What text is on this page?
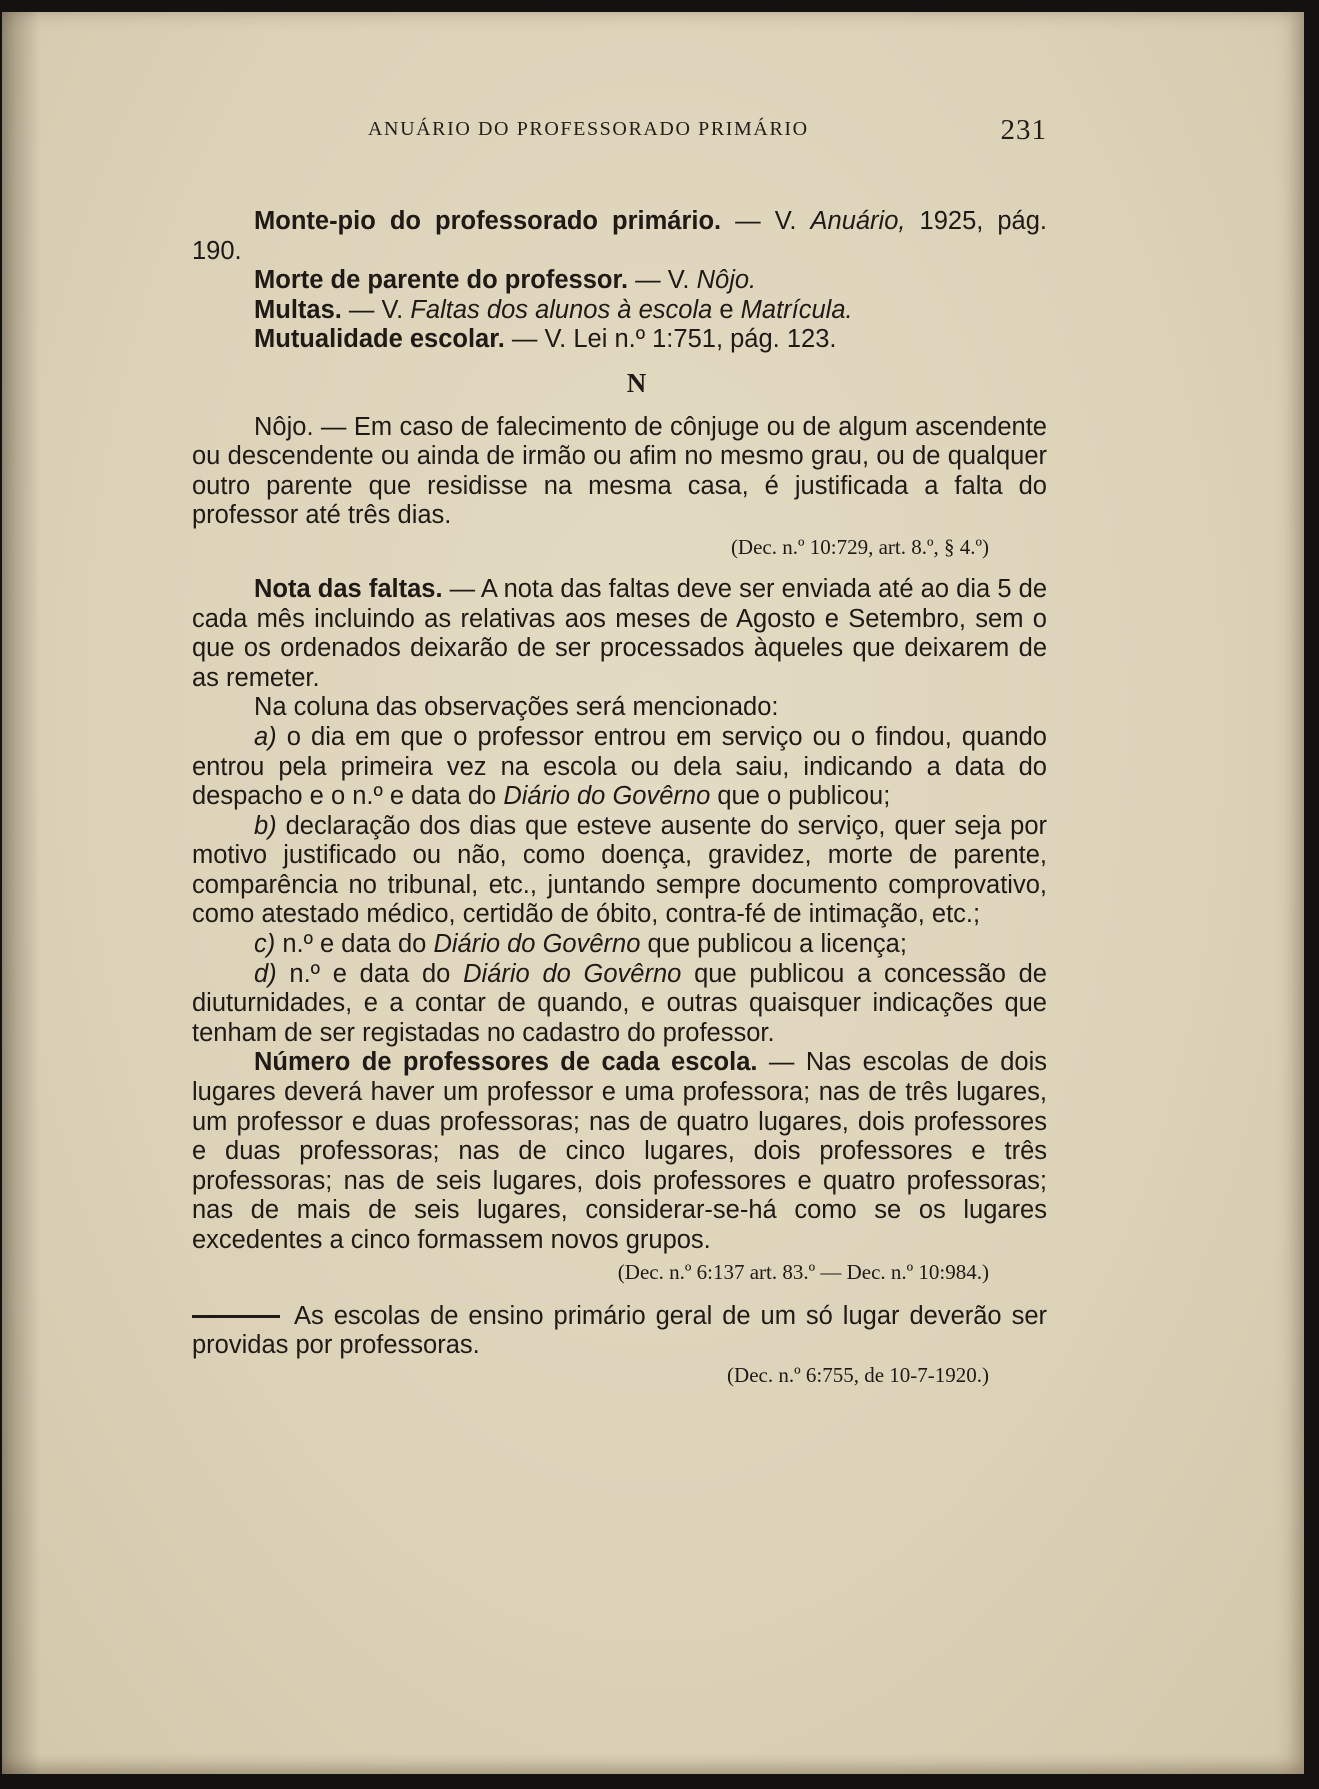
ANUÁRIO DO PROFESSORADO PRIMÁRIO	231

Monte-pio do professorado primário. — V. Anuário, 1925, pág. 190.

Morte de parente do professor. — V. Nôjo.

Multas. — V. Faltas dos alunos à escola e Matrícula.

Mutualidade escolar. — V. Lei n.º 1:751, pág. 123.

N

Nôjo. — Em caso de falecimento de cônjuge ou de algum ascendente ou descendente ou ainda de irmão ou afim no mesmo grau, ou de qualquer outro parente que residisse na mesma casa, é justificada a falta do professor até três dias.

(Dec. n.º 10:729, art. 8.º, § 4.º)

Nota das faltas. — A nota das faltas deve ser enviada até ao dia 5 de cada mês incluindo as relativas aos meses de Agosto e Setembro, sem o que os ordenados deixarão de ser processados àqueles que deixarem de as remeter.

Na coluna das observações será mencionado:

a) o dia em que o professor entrou em serviço ou o findou, quando entrou pela primeira vez na escola ou dela saiu, indicando a data do despacho e o n.º e data do Diário do Govêrno que o publicou;

b) declaração dos dias que esteve ausente do serviço, quer seja por motivo justificado ou não, como doença, gravidez, morte de parente, comparência no tribunal, etc., juntando sempre documento comprovativo, como atestado médico, certidão de óbito, contra-fé de intimação, etc.;

c) n.º e data do Diário do Govêrno que publicou a licença;

d) n.º e data do Diário do Govêrno que publicou a concessão de diuturnidades, e a contar de quando, e outras quaisquer indicações que tenham de ser registadas no cadastro do professor.

Número de professores de cada escola. — Nas escolas de dois lugares deverá haver um professor e uma professora; nas de três lugares, um professor e duas professoras; nas de quatro lugares, dois professores e duas professoras; nas de cinco lugares, dois professores e três professoras; nas de seis lugares, dois professores e quatro professoras; nas de mais de seis lugares, considerar-se-há como se os lugares excedentes a cinco formassem novos grupos.

(Dec. n.º 6:137 art. 83.º — Dec. n.º 10:984.)

As escolas de ensino primário geral de um só lugar deverão ser providas por professoras.

(Dec. n.º 6:755, de 10-7-1920.)
